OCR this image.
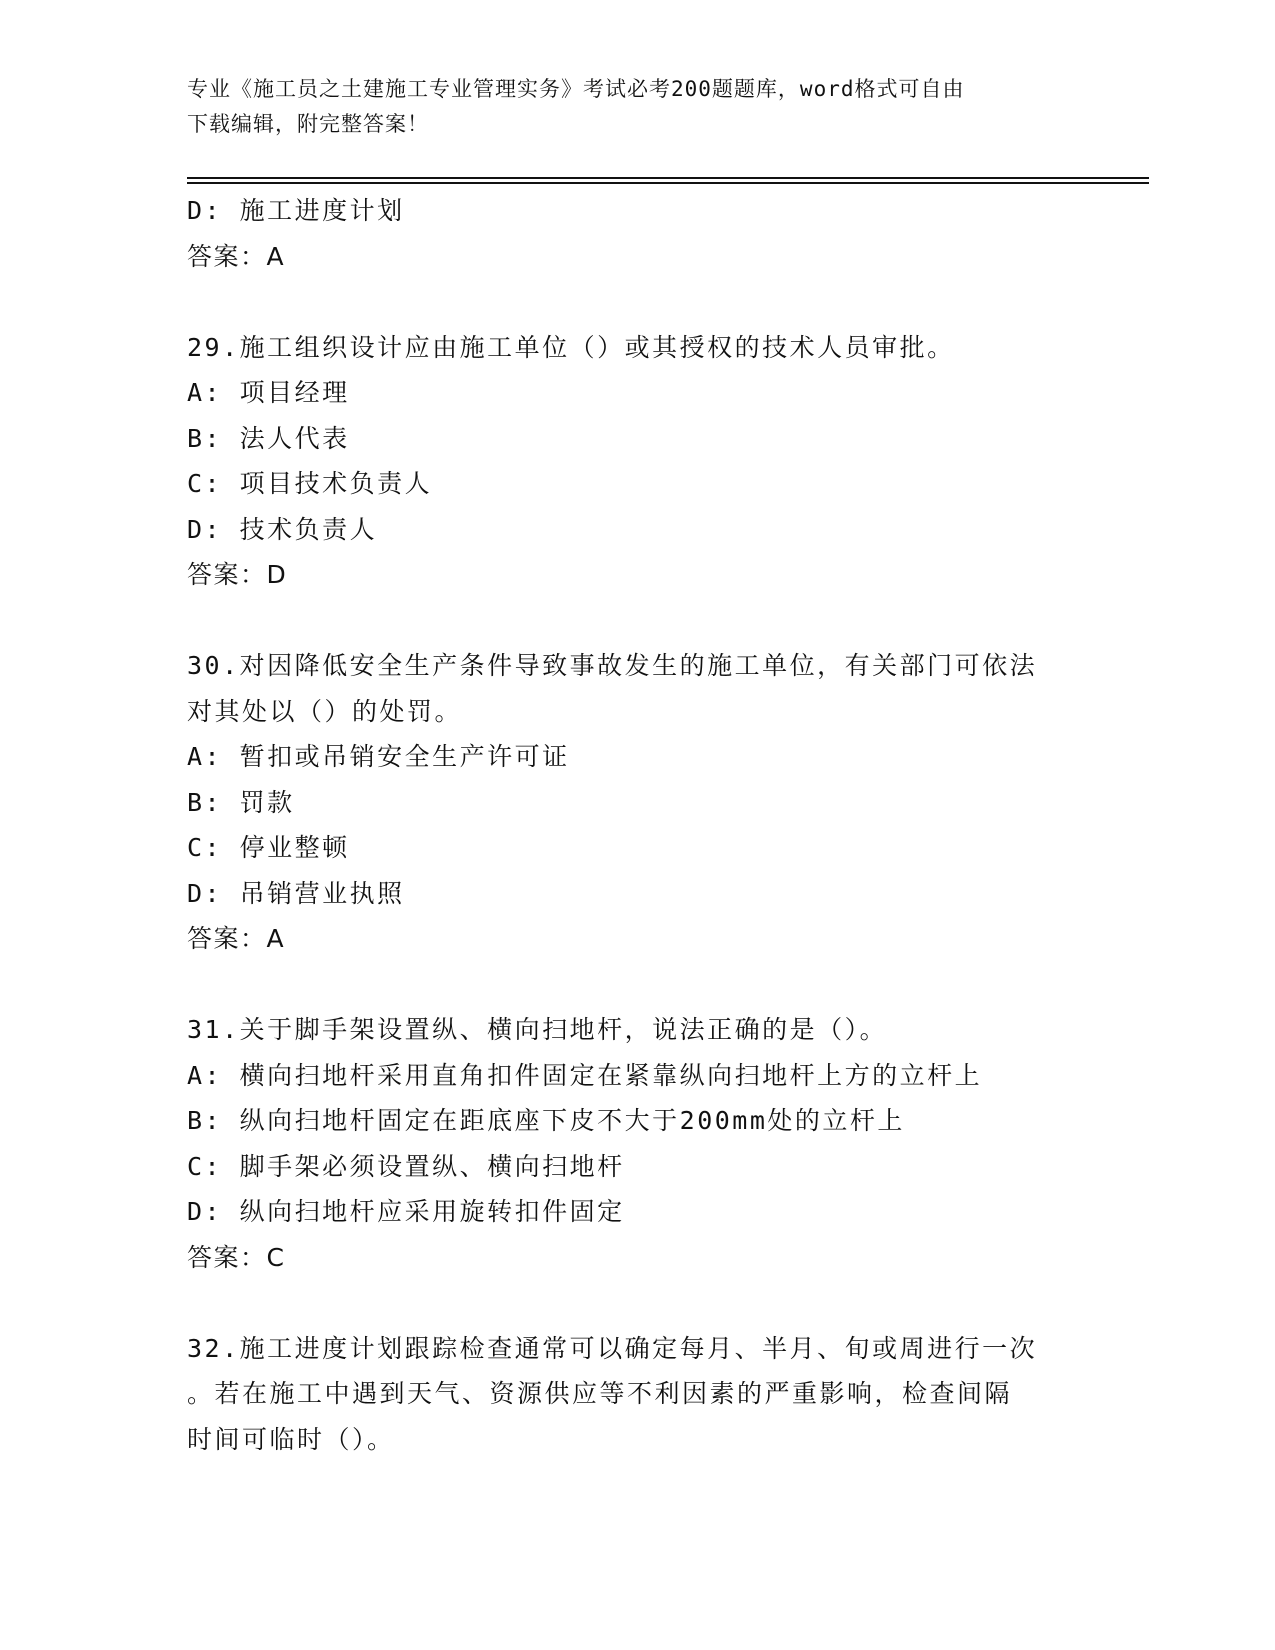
专业《施工员之土建施工专业管理实务》考试必考200题题库，word格式可自由
下载编辑，附完整答案！
D: 施工进度计划
答案：A
29.施工组织设计应由施工单位（）或其授权的技术人员审批。
A: 项目经理
B: 法人代表
C: 项目技术负责人
D: 技术负责人
答案：D
30.对因降低安全生产条件导致事故发生的施工单位，有关部门可依法
对其处以（）的处罚。
A: 暂扣或吊销安全生产许可证
B: 罚款
C: 停业整顿
D: 吊销营业执照
答案：A
31.关于脚手架设置纵、横向扫地杆，说法正确的是（）。
A: 横向扫地杆采用直角扣件固定在紧靠纵向扫地杆上方的立杆上
B: 纵向扫地杆固定在距底座下皮不大于200mm处的立杆上
C: 脚手架必须设置纵、横向扫地杆
D: 纵向扫地杆应采用旋转扣件固定
答案：C
32.施工进度计划跟踪检查通常可以确定每月、半月、旬或周进行一次
。若在施工中遇到天气、资源供应等不利因素的严重影响，检查间隔
时间可临时（）。
